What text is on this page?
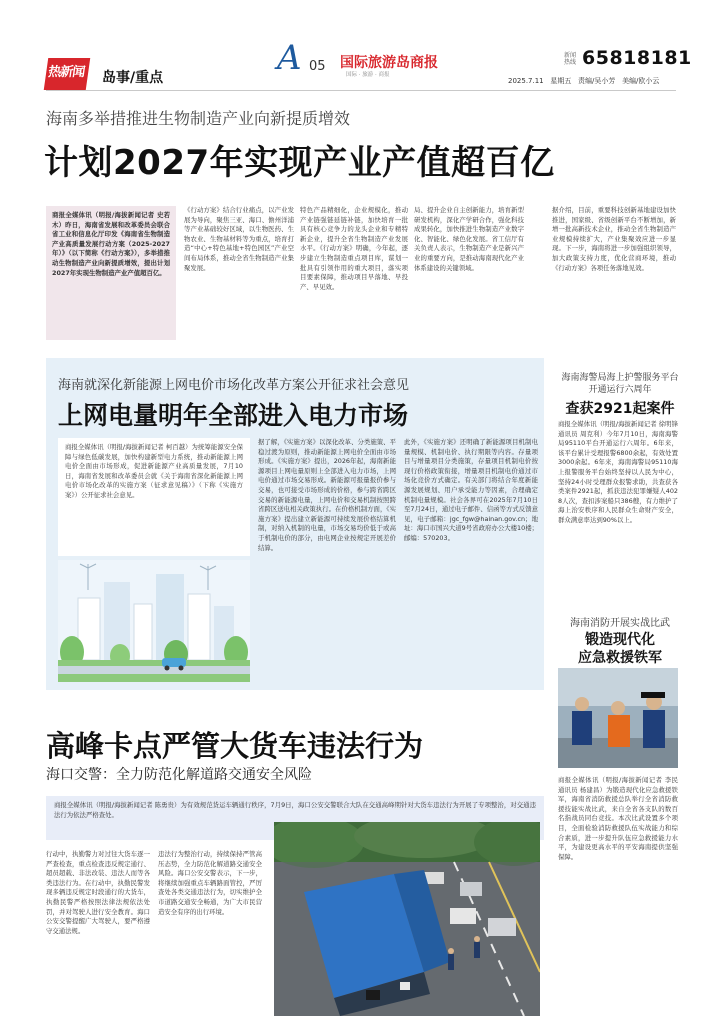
热新闻 岛事/重点	A 05 国际旅游岛商报
国际 · 旅游 · 商报
新闻热线 65818181
2025.7.11 星期五 责编/吴小芳 美编/欧小云
海南多举措推进生物制造产业向新提质增效
计划2027年实现产业产值超百亿
商报全媒体讯（明报/海拔新闻记者 史若木）昨日，海南省发展和改革委员会联合省工业和信息化厅印发《海南省生物制造产业高质量发展行动方案（2025-2027年）》（以下简称《行动方案》），多举措推动生物制造产业向新提质增效，提出计划2027年实现生物制造产业产值超百亿。
《行动方案》结合行业痛点，以产业发展为导向，聚焦三亚、海口、儋州洋浦等产业基础较好区域，以生物医药、生物农业、生物基材料等为重点，培育打造“中心+特色基地+特色园区”产业空间布局体系，推动全省生物制造产业集聚发展。
特色产品精细化，企业规模化，推动产业链强链延链补链，加快培育一批具有核心竞争力的龙头企业和专精特新企业，提升全省生物制造产业发展水平。《行动方案》明确，今年起，逐步建立生物制造重点项目库，谋划一批具有引领作用的重大项目，落实项目要素保障，推动项目早落地、早投产、早见效。
局、提升企业自主创新能力，培育新型研发机构，深化产学研合作，强化科技成果转化，加快推进生物制造产业数字化、智能化、绿色化发展。省工信厅有关负责人表示，生物制造产业是新兴产业的重要方向，是推动海南现代化产业体系建设的关键领域。
据介绍，目前，重要科技创新基地建设加快推进，国家级、省级创新平台不断增加，新增一批高新技术企业，推动全省生物制造产业规模持续扩大，产业集聚效应进一步显现。下一步，海南将进一步加强组织领导，加大政策支持力度，优化营商环境，推动《行动方案》各项任务落地见效。
海南就深化新能源上网电价市场化改革方案公开征求社会意见
上网电量明年全部进入电力市场
商报全媒体讯（明报/海拔新闻记者 柯百越）为统筹能源安全保障与绿色低碳发展，加快构建新型电力系统，推动新能源上网电价全面由市场形成，促进新能源产业高质量发展，7月10日，海南省发展和改革委员会就《关于海南省深化新能源上网电价市场化改革的实施方案（征求意见稿）》（下称《实施方案》）公开征求社会意见。
据了解，《实施方案》以深化改革、分类施策、平稳过渡为原则，推动新能源上网电价全面由市场形成。《实施方案》提出，2026年起，海南新能源项目上网电量原则上全部进入电力市场，上网电价通过市场交易形成。新能源可报量报价参与交易，也可接受市场形成的价格，参与跨省跨区交易的新能源电量，上网电价和交易机制按照跨省跨区送电相关政策执行。在价格机制方面，《实施方案》提出建立新能源可持续发展价格结算机制，对纳入机制的电量，市场交易均价低于或高于机制电价的部分，由电网企业按规定开展差价结算。
此外，《实施方案》还明确了新能源项目机制电量规模、机制电价、执行期限等内容。存量项目与增量项目分类施策，存量项目机制电价按现行价格政策衔接，增量项目机制电价通过市场化竞价方式确定。有关部门将结合年度新能源发展规划、用户承受能力等因素，合理确定机制电量规模。社会各界可在2025年7月10日至7月24日，通过电子邮件、信函等方式反馈意见，电子邮箱：jgc_fgw@hainan.gov.cn；地址：海口市国兴大道9号省政府办公大楼10楼；邮编：570203。
海南海警局海上护警服务平台开通运行六周年
查获2921起案件
商报全媒体讯（明报/海拔新闻记者 徐明锋 通讯员 周克利）今年7月10日，海南海警局95110平台开通运行六周年。6年来，该平台累计受理报警6800余起，有效处置3000余起。6年来，海南海警局95110海上报警服务平台始终坚持以人民为中心，坚持24小时受理群众报警求助，共查获各类案件2921起，抓获违法犯罪嫌疑人4028人次，查扣涉案船只386艘，有力维护了海上治安秩序和人民群众生命财产安全，群众满意率达到90%以上。
海南消防开展实战比武
锻造现代化
应急救援铁军
商报全媒体讯（明报/海拔新闻记者 李民 通讯员 杨建昌）为锻造现代化应急救援铁军，海南省消防救援总队举行全省消防救援技能实战比武，来自全省各支队的数百名指战员同台竞技。本次比武设置多个项目，全面检验消防救援队伍实战能力和综合素质，进一步提升队伍应急救援能力水平，为建设更高水平的平安海南提供坚强保障。
高峰卡点严管大货车违法行为
海口交警：全力防范化解道路交通安全风险
商报全媒体讯（明报/海拔新闻记者 陈勇贵）为有效规范货运车辆通行秩序，7月9日，海口公安交警联合大队在交通高峰期针对大货车违法行为开展了专项整治，对交通违法行为依法严格查处。
行动中，执勤警力对过往大货车逐一严查检查，重点检查违反规定通行、超员超载、非法改装、违法人而等各类违法行为。在行动中，执勤民警发现多辆违反规定时段通行的大货车，执勤民警严格按照法律法规依法处罚，并对驾驶人进行安全教育。海口公安交警提醒广大驾驶人，要严格遵守交通法规。
违法行为整治行动，持续保持严管高压态势，全力防范化解道路交通安全风险。海口公安交警表示，下一步，将继续加强重点车辆路面管控，严厉查处各类交通违法行为，切实维护全市道路交通安全畅通，为广大市民营造安全有序的出行环境。
